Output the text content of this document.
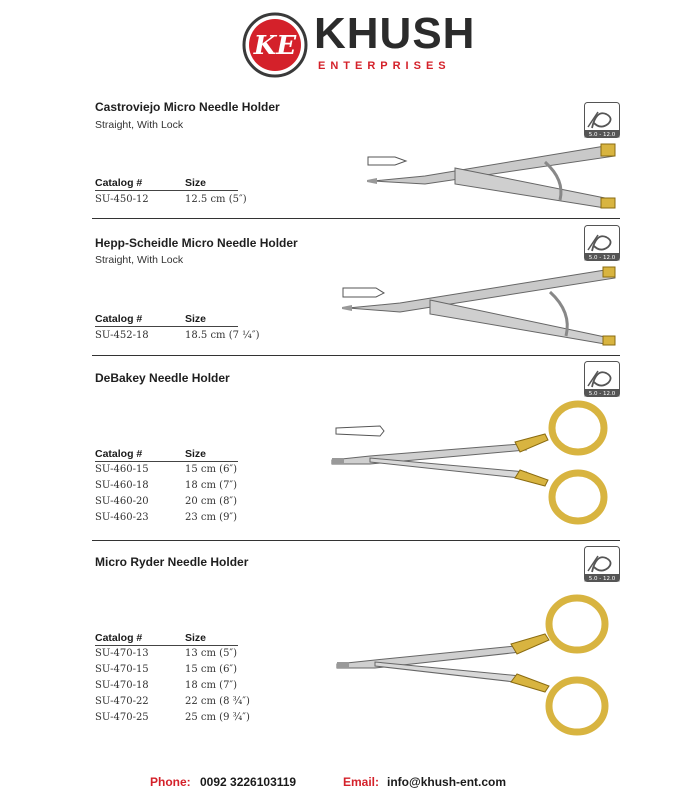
KE KHUSH
ENTERPRISES
Castroviejo Micro Needle Holder
Straight, With Lock
5.0 - 12.0
Catalog #	Size

SU-450-12	12.5 cm (5″)
Hepp-Scheidle Micro Needle Holder
Straight, With Lock	5.0 - 12.0
Catalog #	Size

SU-452-18	18.5 cm (7 ¼″)
DeBakey Needle Holder
5.0 - 12.0
Catalog #	Size

SU-460-15	15 cm (6″)
SU-460-18	18 cm (7″)
SU-460-20	20 cm (8″)
SU-460-23	23 cm (9″)
Micro Ryder Needle Holder
5.0 - 12.0
Catalog #	Size

SU-470-13	13 cm (5″)
SU-470-15	15 cm (6″)
SU-470-18	18 cm (7″)
SU-470-22	22 cm (8 ¾″)
SU-470-25	25 cm (9 ¾″)
Phone: 0092 3226103119	Email: info@khush-ent.com
